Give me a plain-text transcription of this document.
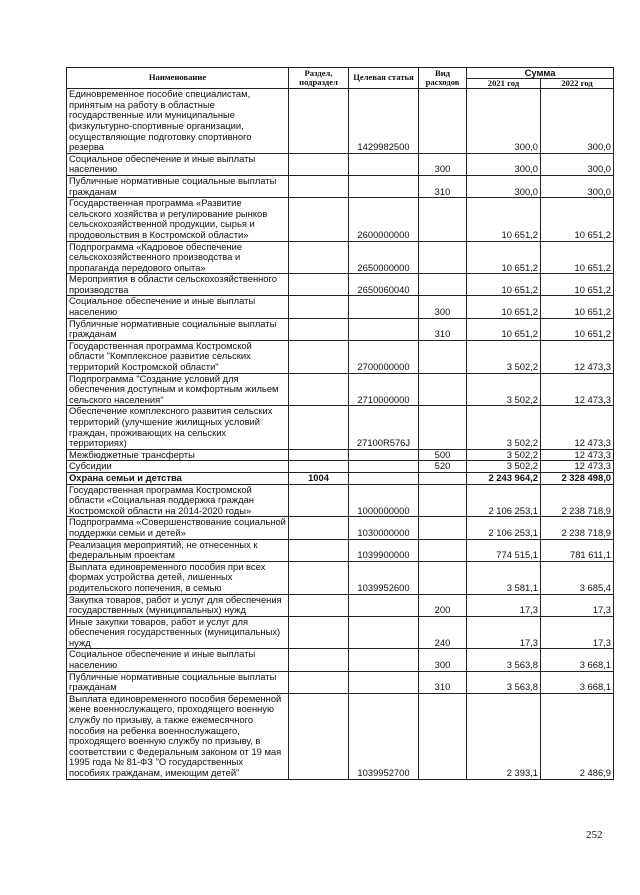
Наименование	Раздел, подраздел	Целевая статья	Вид расходов	Сумма	
				2021 год	2022 год
Единовременное пособие специалистам, принятым на работу в областные государственные или муниципальные физкультурно-спортивные организации, осуществляющие подготовку спортивного резерва		1429982500		300,0	300,0
Социальное обеспечение и иные выплаты населению			300	300,0	300,0
Публичные нормативные социальные выплаты гражданам			310	300,0	300,0
Государственная программа «Развитие сельского хозяйства и регулирование рынков сельскохозяйственной продукции, сырья и продовольствия в Костромской области»		2600000000		10 651,2	10 651,2
Подпрограмма «Кадровое обеспечение сельскохозяйственного производства и пропаганда передового опыта»		2650000000		10 651,2	10 651,2
Мероприятия в области сельскохозяйственного производства		2650060040		10 651,2	10 651,2
Социальное обеспечение и иные выплаты населению			300	10 651,2	10 651,2
Публичные нормативные социальные выплаты гражданам			310	10 651,2	10 651,2
Государственная программа Костромской области "Комплексное развитие сельских территорий Костромской области"		2700000000		3 502,2	12 473,3
Подпрограмма "Создание условий для обеспечения доступным и комфортным жильем сельского населения"		2710000000		3 502,2	12 473,3
Обеспечение комплексного развития сельских территорий (улучшение жилищных условий граждан, проживающих на сельских территориях)		27100R576J		3 502,2	12 473,3
Межбюджетные трансферты			500	3 502,2	12 473,3
Субсидии			520	3 502,2	12 473,3
Охрана семьи и детства	1004			2 243 964,2	2 328 498,0
Государственная программа Костромской области «Социальная поддержка граждан Костромской области на 2014-2020 годы»		1000000000		2 106 253,1	2 238 718,9
Подпрограмма «Совершенствование социальной поддержки семьи и детей»		1030000000		2 106 253,1	2 238 718,9
Реализация мероприятий, не отнесенных к федеральным проектам		1039900000		774 515,1	781 611,1
Выплата единовременного пособия при всех формах устройства детей, лишенных родительского попечения, в семью		1039952600		3 581,1	3 685,4
Закупка товаров, работ и услуг для обеспечения государственных (муниципальных) нужд			200	17,3	17,3
Иные закупки товаров, работ и услуг для обеспечения государственных (муниципальных) нужд			240	17,3	17,3
Социальное обеспечение и иные выплаты населению			300	3 563,8	3 668,1
Публичные нормативные социальные выплаты гражданам			310	3 563,8	3 668,1
Выплата единовременного пособия беременной жене военнослужащего, проходящего военную службу по призыву, а также ежемесячного пособия на ребенка военнослужащего, проходящего военную службу по призыву, в соответствии с Федеральным законом от 19 мая 1995 года № 81-ФЗ "О государственных пособиях гражданам, имеющим детей"		1039952700		2 393,1	2 486,9
252
